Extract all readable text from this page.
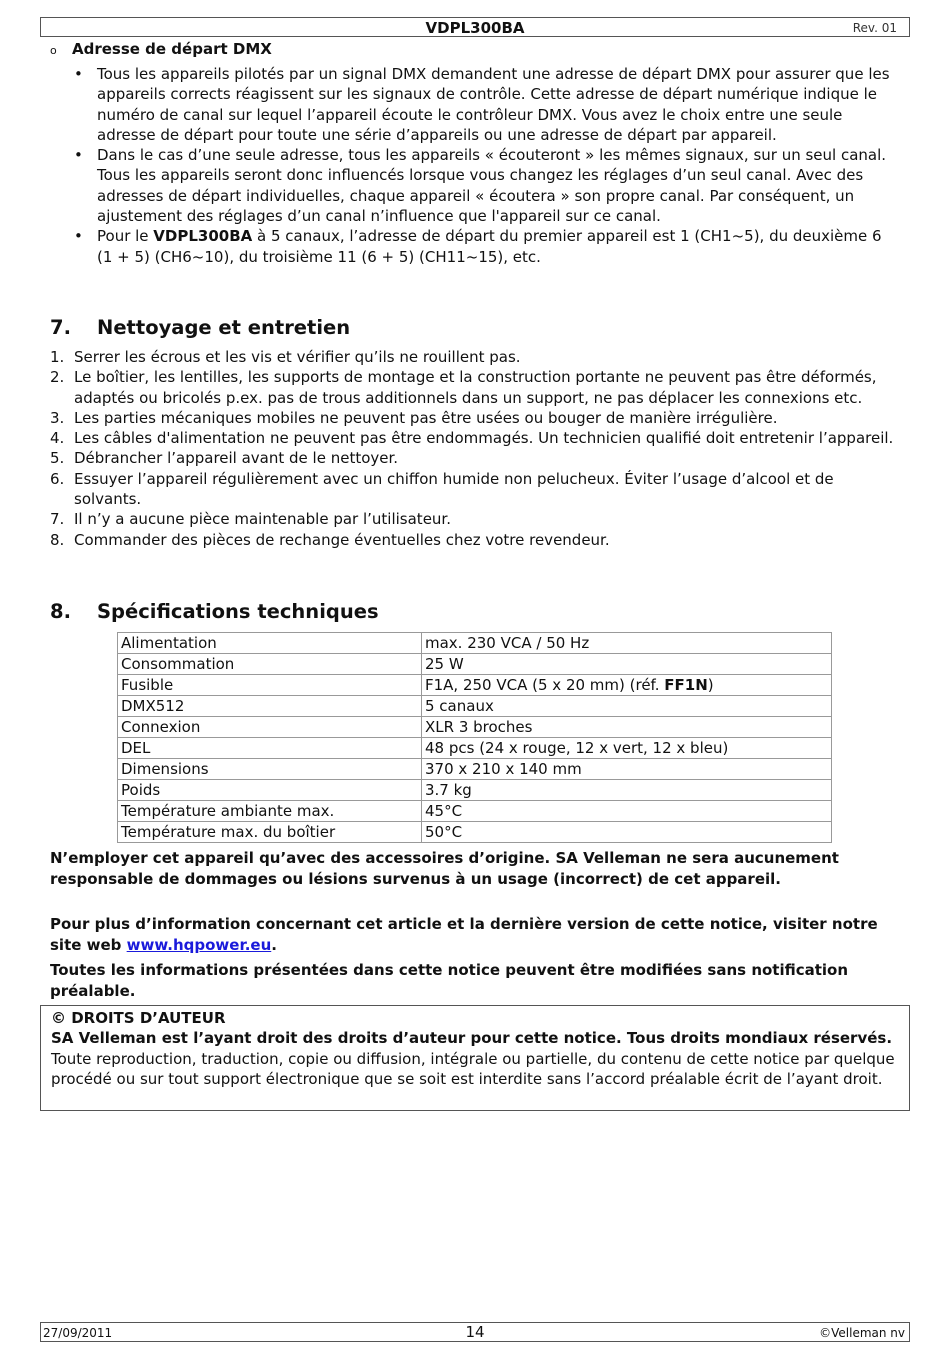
VDPL300BA	Rev. 01
o Adresse de départ DMX
• Tous les appareils pilotés par un signal DMX demandent une adresse de départ DMX pour assurer que les appareils corrects réagissent sur les signaux de contrôle. Cette adresse de départ numérique indique le numéro de canal sur lequel l’appareil écoute le contrôleur DMX. Vous avez le choix entre une seule adresse de départ pour toute une série d’appareils ou une adresse de départ par appareil.
• Dans le cas d’une seule adresse, tous les appareils « écouteront » les mêmes signaux, sur un seul canal. Tous les appareils seront donc influencés lorsque vous changez les réglages d’un seul canal. Avec des adresses de départ individuelles, chaque appareil « écoutera » son propre canal. Par conséquent, un ajustement des réglages d’un canal n’influence que l'appareil sur ce canal.
• Pour le VDPL300BA à 5 canaux, l’adresse de départ du premier appareil est 1 (CH1~5), du deuxième 6 (1 + 5) (CH6~10), du troisième 11 (6 + 5) (CH11~15), etc.
7. Nettoyage et entretien
1. Serrer les écrous et les vis et vérifier qu’ils ne rouillent pas.
2. Le boîtier, les lentilles, les supports de montage et la construction portante ne peuvent pas être déformés, adaptés ou bricolés p.ex. pas de trous additionnels dans un support, ne pas déplacer les connexions etc.
3. Les parties mécaniques mobiles ne peuvent pas être usées ou bouger de manière irrégulière.
4. Les câbles d'alimentation ne peuvent pas être endommagés. Un technicien qualifié doit entretenir l’appareil.
5. Débrancher l’appareil avant de le nettoyer.
6. Essuyer l’appareil régulièrement avec un chiffon humide non pelucheux. Éviter l’usage d’alcool et de solvants.
7. Il n’y a aucune pièce maintenable par l’utilisateur.
8. Commander des pièces de rechange éventuelles chez votre revendeur.
8. Spécifications techniques
Alimentation	max. 230 VCA / 50 Hz
Consommation	25 W
Fusible	F1A, 250 VCA (5 x 20 mm) (réf. FF1N)
DMX512	5 canaux
Connexion	XLR 3 broches
DEL	48 pcs (24 x rouge, 12 x vert, 12 x bleu)
Dimensions	370 x 210 x 140 mm
Poids	3.7 kg
Température ambiante max.	45°C
Température max. du boîtier	50°C

N’employer cet appareil qu’avec des accessoires d’origine. SA Velleman ne sera aucunement responsable de dommages ou lésions survenus à un usage (incorrect) de cet appareil.

Pour plus d’information concernant cet article et la dernière version de cette notice, visiter notre site web www.hqpower.eu.

Toutes les informations présentées dans cette notice peuvent être modifiées sans notification préalable.

© DROITS D’AUTEUR
SA Velleman est l’ayant droit des droits d’auteur pour cette notice. Tous droits mondiaux réservés. Toute reproduction, traduction, copie ou diffusion, intégrale ou partielle, du contenu de cette notice par quelque procédé ou sur tout support électronique que se soit est interdite sans l’accord préalable écrit de l’ayant droit.
27/09/2011	14	©Velleman nv
